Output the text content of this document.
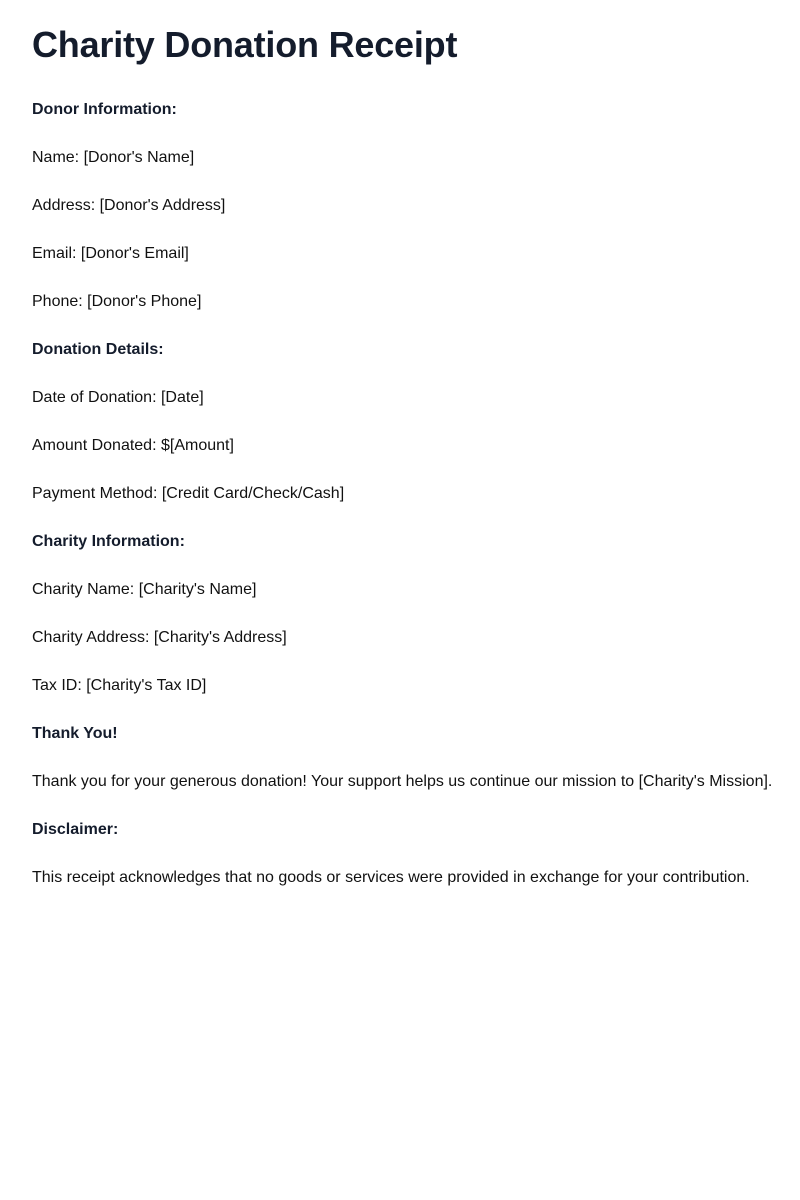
Charity Donation Receipt

Donor Information:

Name: [Donor's Name]

Address: [Donor's Address]

Email: [Donor's Email]

Phone: [Donor's Phone]

Donation Details:

Date of Donation: [Date]

Amount Donated: $[Amount]

Payment Method: [Credit Card/Check/Cash]

Charity Information:

Charity Name: [Charity's Name]

Charity Address: [Charity's Address]

Tax ID: [Charity's Tax ID]

Thank You!

Thank you for your generous donation! Your support helps us continue our mission to [Charity's Mission].

Disclaimer:

This receipt acknowledges that no goods or services were provided in exchange for your contribution.
